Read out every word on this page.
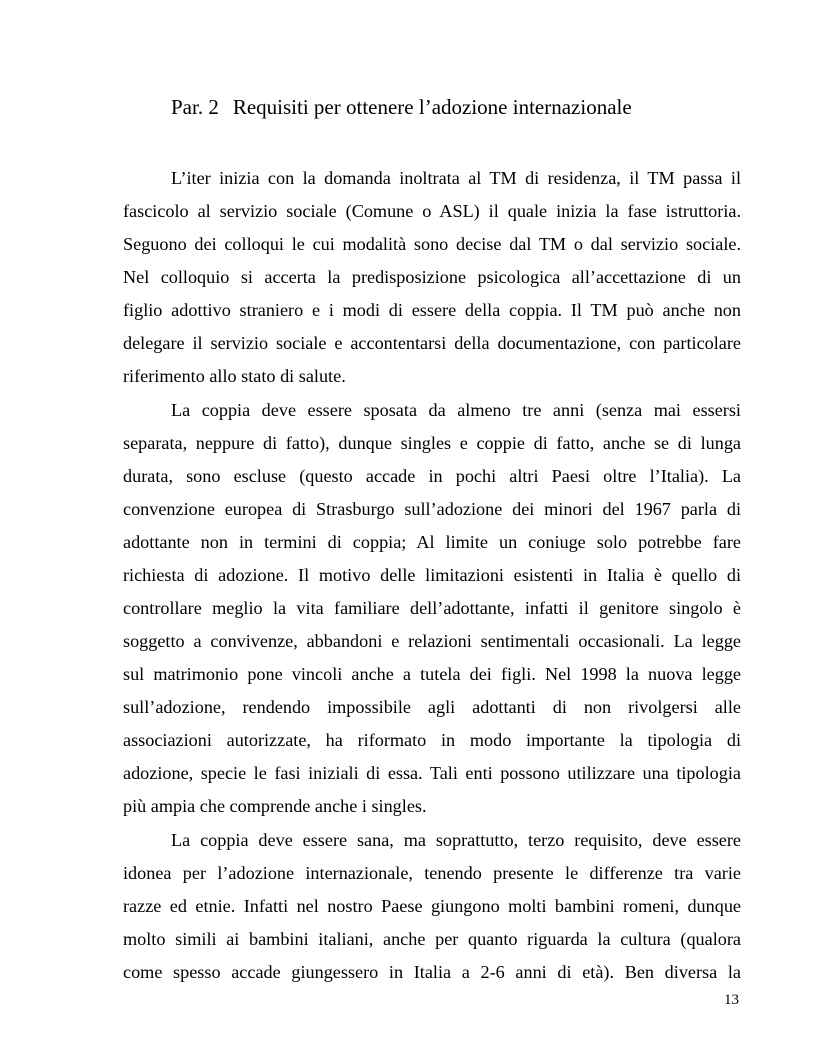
Par. 2 Requisiti per ottenere l’adozione internazionale
L’iter inizia con la domanda inoltrata al TM di residenza, il TM passa il
fascicolo al servizio sociale (Comune o ASL) il quale inizia la fase istruttoria.
Seguono dei colloqui le cui modalità sono decise dal TM o dal servizio sociale.
Nel colloquio si accerta la predisposizione psicologica all’accettazione di un
figlio adottivo straniero e i modi di essere della coppia. Il TM può anche non
delegare il servizio sociale e accontentarsi della documentazione, con particolare
riferimento allo stato di salute.
La coppia deve essere sposata da almeno tre anni (senza mai essersi
separata, neppure di fatto), dunque singles e coppie di fatto, anche se di lunga
durata, sono escluse (questo accade in pochi altri Paesi oltre l’Italia). La
convenzione europea di Strasburgo sull’adozione dei minori del 1967 parla di
adottante non in termini di coppia; Al limite un coniuge solo potrebbe fare
richiesta di adozione. Il motivo delle limitazioni esistenti in Italia è quello di
controllare meglio la vita familiare dell’adottante, infatti il genitore singolo è
soggetto a convivenze, abbandoni e relazioni sentimentali occasionali. La legge
sul matrimonio pone vincoli anche a tutela dei figli. Nel 1998 la nuova legge
sull’adozione, rendendo impossibile agli adottanti di non rivolgersi alle
associazioni autorizzate, ha riformato in modo importante la tipologia di
adozione, specie le fasi iniziali di essa. Tali enti possono utilizzare una tipologia
più ampia che comprende anche i singles.
La coppia deve essere sana, ma soprattutto, terzo requisito, deve essere
idonea per l’adozione internazionale, tenendo presente le differenze tra varie
razze ed etnie. Infatti nel nostro Paese giungono molti bambini romeni, dunque
molto simili ai bambini italiani, anche per quanto riguarda la cultura (qualora
come spesso accade giungessero in Italia a 2-6 anni di età). Ben diversa la
13
